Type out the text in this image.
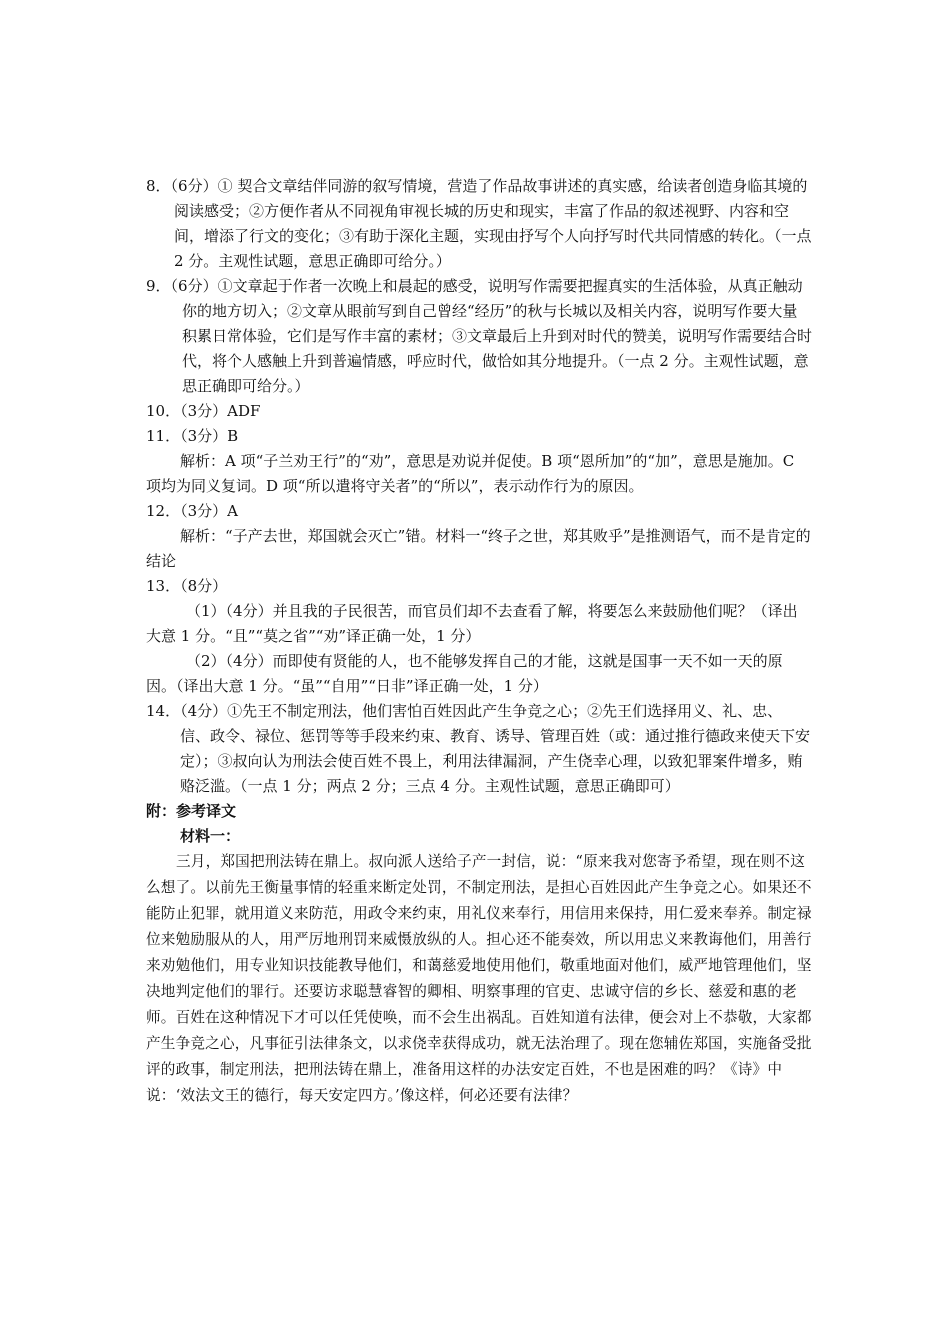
8．（6分）① 契合文章结伴同游的叙写情境，营造了作品故事讲述的真实感，给读者创造身临其境的阅读感受；②方便作者从不同视角审视长城的历史和现实，丰富了作品的叙述视野、内容和空间，增添了行文的变化；③有助于深化主题，实现由抒写个人向抒写时代共同情感的转化。（一点 2 分。主观性试题，意思正确即可给分。）
9．（6分）①文章起于作者一次晚上和晨起的感受，说明写作需要把握真实的生活体验，从真正触动你的地方切入；②文章从眼前写到自己曾经“经历”的秋与长城以及相关内容，说明写作要大量积累日常体验，它们是写作丰富的素材；③文章最后上升到对时代的赞美，说明写作需要结合时代，将个人感触上升到普遍情感，呼应时代，做恰如其分地提升。（一点 2 分。主观性试题，意思正确即可给分。）
10．（3分）ADF
11．（3分）B
解析：A 项“子兰劝王行”的“劝”，意思是劝说并促使。B 项“恩所加”的“加”，意思是施加。C 项均为同义复词。D 项“所以遣将守关者”的“所以”，表示动作行为的原因。
12．（3分）A
解析：“子产去世，郑国就会灭亡”错。材料一“终子之世，郑其败乎”是推测语气，而不是肯定的结论
13．（8分）
（1）（4分）并且我的子民很苦，而官员们却不去查看了解，将要怎么来鼓励他们呢？（译出大意 1 分。“且”“莫之省”“劝”译正确一处，1 分）
（2）（4分）而即使有贤能的人，也不能够发挥自己的才能，这就是国事一天不如一天的原因。（译出大意 1 分。“虽”“自用”“日非”译正确一处，1 分）
14．（4分）①先王不制定刑法，他们害怕百姓因此产生争竞之心；②先王们选择用义、礼、忠、信、政令、禄位、惩罚等等手段来约束、教育、诱导、管理百姓（或：通过推行德政来使天下安定）；③叔向认为刑法会使百姓不畏上，利用法律漏洞，产生侥幸心理，以致犯罪案件增多，贿赂泛滥。（一点 1 分；两点 2 分；三点 4 分。主观性试题，意思正确即可）
附：参考译文
材料一：
三月，郑国把刑法铸在鼎上。叔向派人送给子产一封信，说：“原来我对您寄予希望，现在则不这么想了。以前先王衡量事情的轻重来断定处罚，不制定刑法，是担心百姓因此产生争竞之心。如果还不能防止犯罪，就用道义来防范，用政令来约束，用礼仪来奉行，用信用来保持，用仁爱来奉养。制定禄位来勉励服从的人，用严厉地刑罚来威慑放纵的人。担心还不能奏效，所以用忠义来教诲他们，用善行来劝勉他们，用专业知识技能教导他们，和蔼慈爱地使用他们，敬重地面对他们，威严地管理他们，坚决地判定他们的罪行。还要访求聪慧睿智的卿相、明察事理的官吏、忠诚守信的乡长、慈爱和惠的老师。百姓在这种情况下才可以任凭使唤，而不会生出祸乱。百姓知道有法律，便会对上不恭敬，大家都产生争竞之心，凡事征引法律条文，以求侥幸获得成功，就无法治理了。现在您辅佐郑国，实施备受批评的政事，制定刑法，把刑法铸在鼎上，准备用这样的办法安定百姓，不也是困难的吗？《诗》中说：‘效法文王的德行，每天安定四方。’像这样，何必还要有法律？
